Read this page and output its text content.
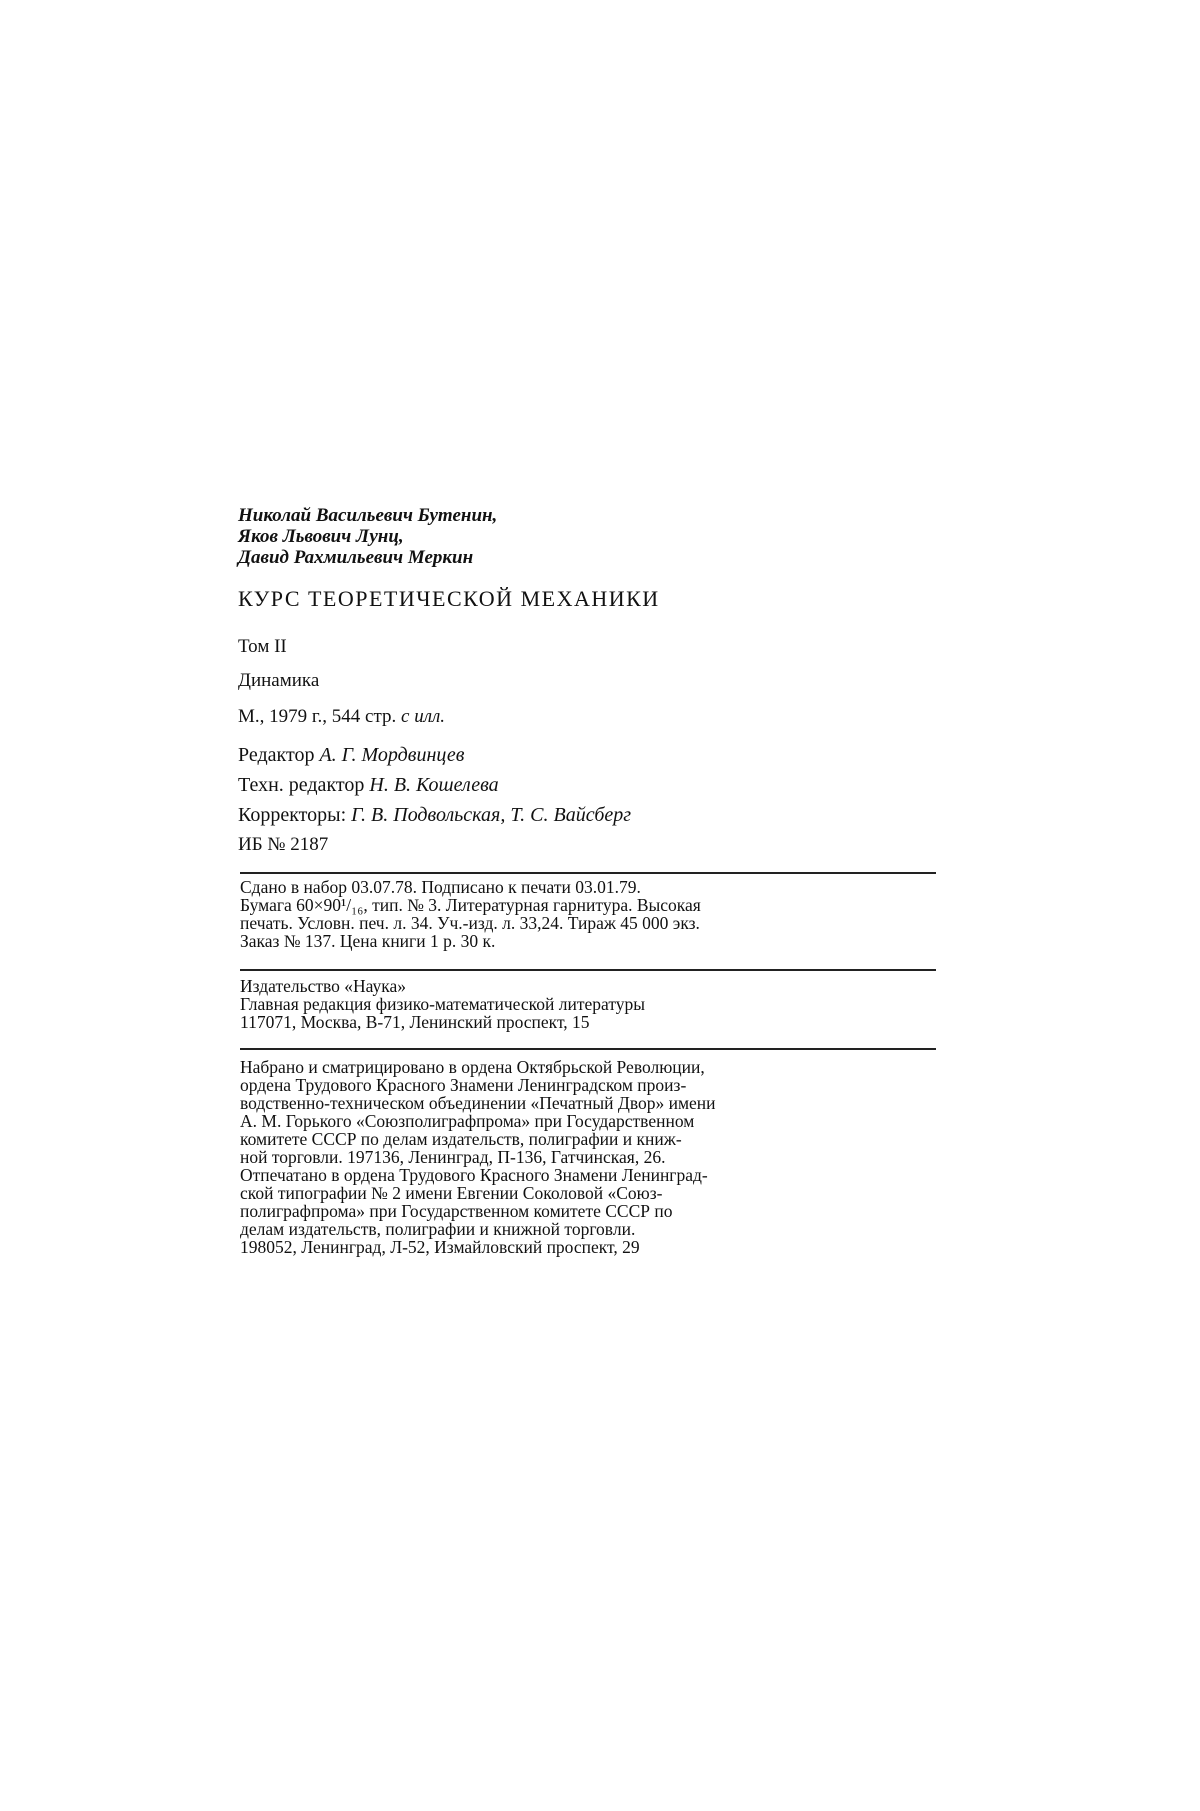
Николай Васильевич Бутенин,
Яков Львович Лунц,
Давид Рахмильевич Меркин
КУРС ТЕОРЕТИЧЕСКОЙ МЕХАНИКИ
Том II
Динамика
М., 1979 г., 544 стр. с илл.
Редактор А. Г. Мордвинцев
Техн. редактор Н. В. Кошелева
Корректоры: Г. В. Подвольская, Т. С. Вайсберг
ИБ № 2187
Сдано в набор 03.07.78. Подписано к печати 03.01.79.
Бумага 60×90¹/₁₆, тип. № 3. Литературная гарнитура. Высокая
печать. Условн. печ. л. 34. Уч.-изд. л. 33,24. Тираж 45 000 экз.
Заказ № 137. Цена книги 1 р. 30 к.
Издательство «Наука»
Главная редакция физико-математической литературы
117071, Москва, В-71, Ленинский проспект, 15
Набрано и сматрицировано в ордена Октябрьской Революции,
ордена Трудового Красного Знамени Ленинградском произ-
водственно-техническом объединении «Печатный Двор» имени
А. М. Горького «Союзполиграфпрома» при Государственном
комитете СССР по делам издательств, полиграфии и книж-
ной торговли. 197136, Ленинград, П-136, Гатчинская, 26.
Отпечатано в ордена Трудового Красного Знамени Ленинград-
ской типографии № 2 имени Евгении Соколовой «Союз-
полиграфпрома» при Государственном комитете СССР по
делам издательств, полиграфии и книжной торговли.
198052, Ленинград, Л-52, Измайловский проспект, 29
